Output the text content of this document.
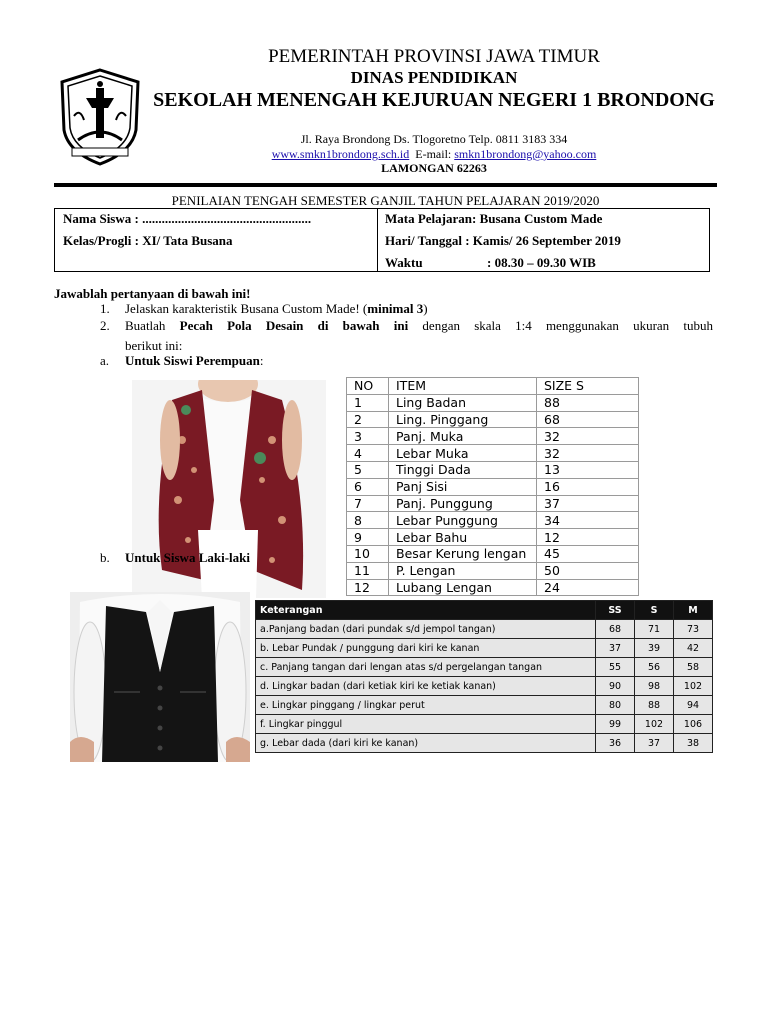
PEMERINTAH PROVINSI JAWA TIMUR
DINAS PENDIDIKAN
SEKOLAH MENENGAH KEJURUAN NEGERI 1 BRONDONG
Jl. Raya Brondong Ds. Tlogoretno Telp. 0811 3183 334
www.smkn1brondong.sch.id E-mail: smkn1brondong@yahoo.com
LAMONGAN 62263
PENILAIAN TENGAH SEMESTER GANJIL TAHUN PELAJARAN 2019/2020
Nama Siswa : ....................................................
Kelas/Progli : XI/ Tata Busana
Mata Pelajaran: Busana Custom Made
Hari/ Tanggal : Kamis/ 26 September 2019
Waktu	: 08.30 – 09.30 WIB
Jawablah pertanyaan di bawah ini!
1. Jelaskan karakteristik Busana Custom Made! (minimal 3)
2. Buatlah Pecah Pola Desain di bawah ini dengan skala 1:4 menggunakan ukuran tubuh
berikut ini:
a. Untuk Siswi Perempuan:
NO	ITEM	SIZE S
1	Ling Badan	88
2	Ling. Pinggang	68
3	Panj. Muka	32
4	Lebar Muka	32
5	Tinggi Dada	13
6	Panj Sisi	16
7	Panj. Punggung	37
8	Lebar Punggung	34
9	Lebar Bahu	12
10	Besar Kerung lengan	45
11	P. Lengan	50
12	Lubang Lengan	24
b. Untuk Siswa Laki-laki
Keterangan	SS	S	M
a.Panjang badan (dari pundak s/d jempol tangan)	68	71	73
b. Lebar Pundak / punggung dari kiri ke kanan	37	39	42
c. Panjang tangan dari lengan atas s/d pergelangan tangan	55	56	58
d. Lingkar badan (dari ketiak kiri ke ketiak kanan)	90	98	102
e. Lingkar pinggang / lingkar perut	80	88	94
f. Lingkar pinggul	99	102	106
g. Lebar dada (dari kiri ke kanan)	36	37	38
